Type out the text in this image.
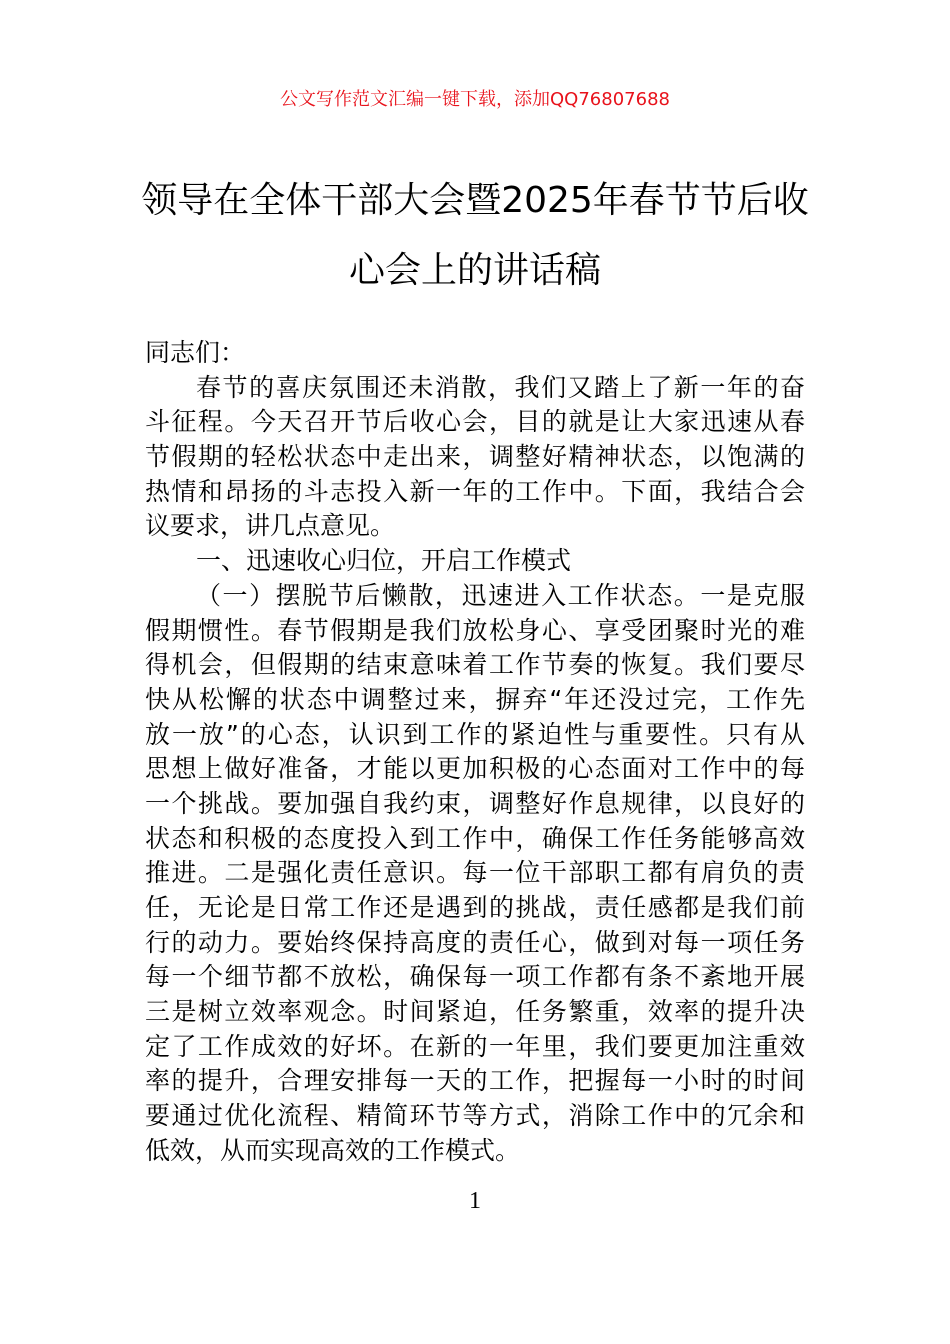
公文写作范文汇编一键下载，添加QQ76807688
领导在全体干部大会暨2025年春节节后收
心会上的讲话稿
同志们：
春节的喜庆氛围还未消散，我们又踏上了新一年的奋
斗征程。今天召开节后收心会，目的就是让大家迅速从春
节假期的轻松状态中走出来，调整好精神状态，以饱满的
热情和昂扬的斗志投入新一年的工作中。下面，我结合会
议要求，讲几点意见。
一、迅速收心归位，开启工作模式
（一）摆脱节后懒散，迅速进入工作状态。一是克服
假期惯性。春节假期是我们放松身心、享受团聚时光的难
得机会，但假期的结束意味着工作节奏的恢复。我们要尽
快从松懈的状态中调整过来，摒弃“年还没过完，工作先
放一放”的心态，认识到工作的紧迫性与重要性。只有从
思想上做好准备，才能以更加积极的心态面对工作中的每
一个挑战。要加强自我约束，调整好作息规律，以良好的
状态和积极的态度投入到工作中，确保工作任务能够高效
推进。二是强化责任意识。每一位干部职工都有肩负的责
任，无论是日常工作还是遇到的挑战，责任感都是我们前
行的动力。要始终保持高度的责任心，做到对每一项任务
每一个细节都不放松，确保每一项工作都有条不紊地开展
三是树立效率观念。时间紧迫，任务繁重，效率的提升决
定了工作成效的好坏。在新的一年里，我们要更加注重效
率的提升，合理安排每一天的工作，把握每一小时的时间
要通过优化流程、精简环节等方式，消除工作中的冗余和
低效，从而实现高效的工作模式。
1
